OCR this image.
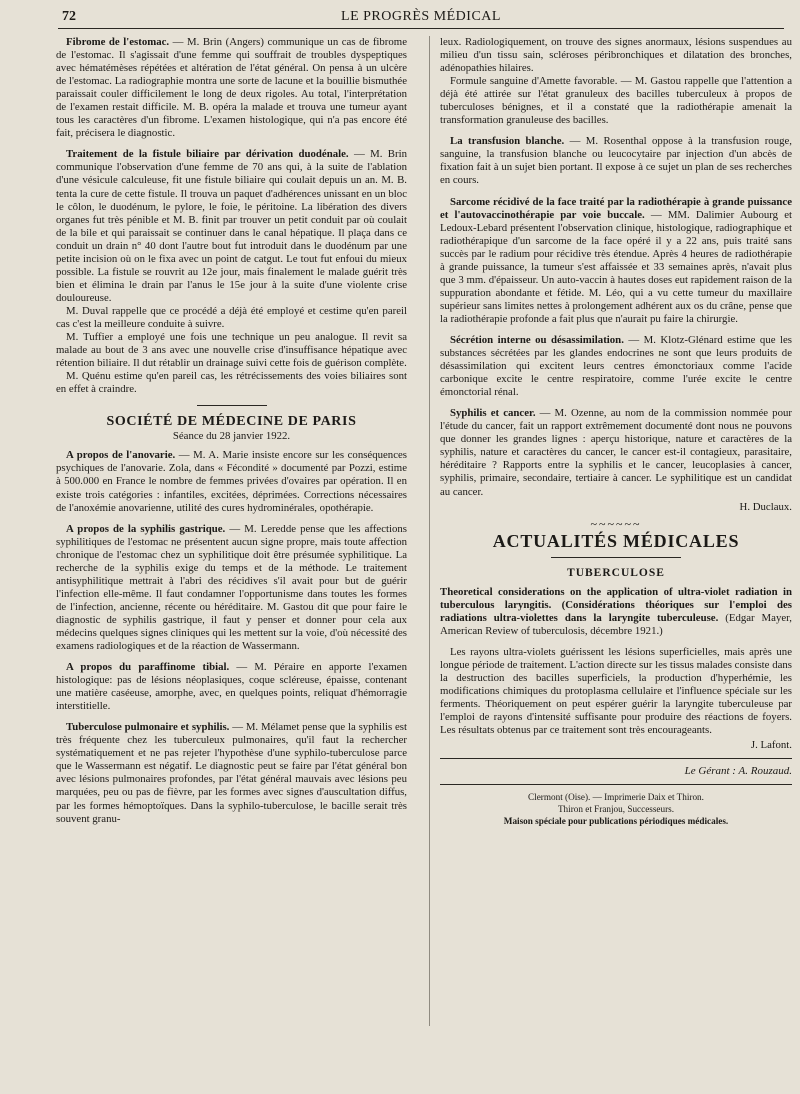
72	LE PROGRÈS MÉDICAL

Fibrome de l'estomac. — M. Brin (Angers) communique un cas de fibrome de l'estomac. Il s'agissait d'une femme qui souffrait de troubles dyspeptiques avec hématémèses répétées et altération de l'état général. On pensa à un ulcère de l'estomac. La radiographie montra une sorte de lacune et la bouillie bismuthée paraissait couler difficilement le long de deux rigoles. Au total, l'interprétation de l'examen restait difficile. M. B. opéra la malade et trouva une tumeur ayant tous les caractères d'un fibrome. L'examen histologique, qui n'a pas encore été fait, précisera le diagnostic.

Traitement de la fistule biliaire par dérivation duodénale. — M. Brin communique l'observation d'une femme de 70 ans qui, à la suite de l'ablation d'une vésicule calculeuse, fit une fistule biliaire qui coulait depuis un an. M. B. tenta la cure de cette fistule. Il trouva un paquet d'adhérences unissant en un bloc le côlon, le duodénum, le pylore, le foie, le péritoine. La libération des divers organes fut très pénible et M. B. finit par trouver un petit conduit par où coulait de la bile et qui paraissait se continuer dans le canal hépatique. Il plaça dans ce conduit un drain n° 40 dont l'autre bout fut introduit dans le duodénum par une petite incision où on le fixa avec un point de catgut. Le tout fut enfoui du mieux possible. La fistule se rouvrit au 12e jour, mais finalement le malade guérit très bien et élimina le drain par l'anus le 15e jour à la suite d'une violente crise douloureuse.

M. Duval rappelle que ce procédé a déjà été employé et cestime qu'en pareil cas c'est la meilleure conduite à suivre.

M. Tuffier a employé une fois une technique un peu analogue. Il revit sa malade au bout de 3 ans avec une nouvelle crise d'insuffisance hépatique avec rétention biliaire. Il dut rétablir un drainage suivi cette fois de guérison complète.

M. Quénu estime qu'en pareil cas, les rétrécissements des voies biliaires sont en effet à craindre.

SOCIÉTÉ DE MÉDECINE DE PARIS

Séance du 28 janvier 1922.

A propos de l'anovarie. — M. A. Marie insiste encore sur les conséquences psychiques de l'anovarie. Zola, dans « Fécondité » documenté par Pozzi, estime à 500.000 en France le nombre de femmes privées d'ovaires par opération. Il en existe trois catégories : infantiles, excitées, déprimées. Corrections nécessaires de l'anoxémie anovarienne, utilité des cures hydrominérales, opothérapie.

A propos de la syphilis gastrique. — M. Leredde pense que les affections syphilitiques de l'estomac ne présentent aucun signe propre, mais toute affection chronique de l'estomac chez un syphilitique doit être présumée syphilitique. La recherche de la syphilis exige du temps et de la méthode. Le traitement antisyphilitique mettrait à l'abri des récidives s'il avait pour but de guérir l'infection elle-même. Il faut condamner l'opportunisme dans toutes les formes de l'infection, ancienne, récente ou héréditaire. M. Gastou dit que pour faire le diagnostic de syphilis gastrique, il faut y penser et donner pour cela aux médecins quelques signes cliniques qui les mettent sur la voie, d'où nécessité des examens radiologiques et de la réaction de Wassermann.

A propos du paraffinome tibial. — M. Péraire en apporte l'examen histologique: pas de lésions néoplasiques, coque scléreuse, épaisse, contenant une matière caséeuse, amorphe, avec, en quelques points, reliquat d'hémorragie interstitielle.

Tuberculose pulmonaire et syphilis. — M. Mélamet pense que la syphilis est très fréquente chez les tuberculeux pulmonaires, qu'il faut la rechercher systématiquement et ne pas rejeter l'hypothèse d'une syphilo-tuberculose parce que le Wassermann est négatif. Le diagnostic peut se faire par l'état général bon avec lésions pulmonaires profondes, par l'état général mauvais avec lésions peu marquées, peu ou pas de fièvre, par les formes avec signes d'auscultation diffus, par les formes hémoptoïques. Dans la syphilo-tuberculose, le bacille serait très souvent granu-

leux. Radiologiquement, on trouve des signes anormaux, lésions suspendues au milieu d'un tissu sain, scléroses péribronchiques et dilatation des bronches, adénopathies hilaires.

Formule sanguine d'Amette favorable. — M. Gastou rappelle que l'attention a déjà été attirée sur l'état granuleux des bacilles tuberculeux à propos de tuberculoses bénignes, et il a constaté que la radiothérapie amenait la transformation granuleuse des bacilles.

La transfusion blanche. — M. Rosenthal oppose à la transfusion rouge, sanguine, la transfusion blanche ou leucocytaire par injection d'un abcès de fixation fait à un sujet bien portant. Il expose à ce sujet un plan de ses recherches en cours.

Sarcome récidivé de la face traité par la radiothérapie à grande puissance et l'autovaccinothérapie par voie buccale. — MM. Dalimier Aubourg et Ledoux-Lebard présentent l'observation clinique, histologique, radiographique et radiothérapique d'un sarcome de la face opéré il y a 22 ans, puis traité sans succès par le radium pour récidive très étendue. Après 4 heures de radiothérapie à grande puissance, la tumeur s'est affaissée et 33 semaines après, n'avait plus que 3 mm. d'épaisseur. Un auto-vaccin à hautes doses eut rapidement raison de la suppuration abondante et fétide. M. Léo, qui a vu cette tumeur du maxillaire supérieur sans limites nettes à prolongement adhérent aux os du crâne, pense que la radiothérapie profonde a fait plus que n'aurait pu faire la chirurgie.

Sécrétion interne ou désassimilation. — M. Klotz-Glénard estime que les substances sécrétées par les glandes endocrines ne sont que leurs produits de désassimilation qui excitent leurs centres émonctoriaux comme l'acide carbonique excite le centre respiratoire, comme l'urée excite le centre émonctorial rénal.

Syphilis et cancer. — M. Ozenne, au nom de la commission nommée pour l'étude du cancer, fait un rapport extrêmement documenté dont nous ne pouvons que donner les grandes lignes : aperçu historique, nature et caractères de la syphilis, nature et caractères du cancer, le cancer est-il contagieux, parasitaire, héréditaire ? Rapports entre la syphilis et le cancer, leucoplasies à cancer, syphilis, primaire, secondaire, tertiaire à cancer. Le syphilitique est un candidat au cancer.

H. Duclaux.

~~~~~~

ACTUALITÉS MÉDICALES

TUBERCULOSE

Theoretical considerations on the application of ultra-violet radiation in tuberculous laryngitis. (Considérations théoriques sur l'emploi des radiations ultra-violettes dans la laryngite tuberculeuse. (Edgar Mayer, American Review of tuberculosis, décembre 1921.)

Les rayons ultra-violets guérissent les lésions superficielles, mais après une longue période de traitement. L'action directe sur les tissus malades consiste dans la destruction des bacilles superficiels, la production d'hyperhémie, les modifications chimiques du protoplasma cellulaire et l'influence spéciale sur les ferments. Théoriquement on peut espérer guérir la laryngite tuberculeuse par l'emploi de rayons d'intensité suffisante pour produire des réactions de foyers. Les résultats obtenus par ce traitement sont très encourageants.

J. Lafont.

Le Gérant : A. Rouzaud.

Clermont (Oise). — Imprimerie Daix et Thiron.

Thiron et Franjou, Successeurs.

Maison spéciale pour publications périodiques médicales.
